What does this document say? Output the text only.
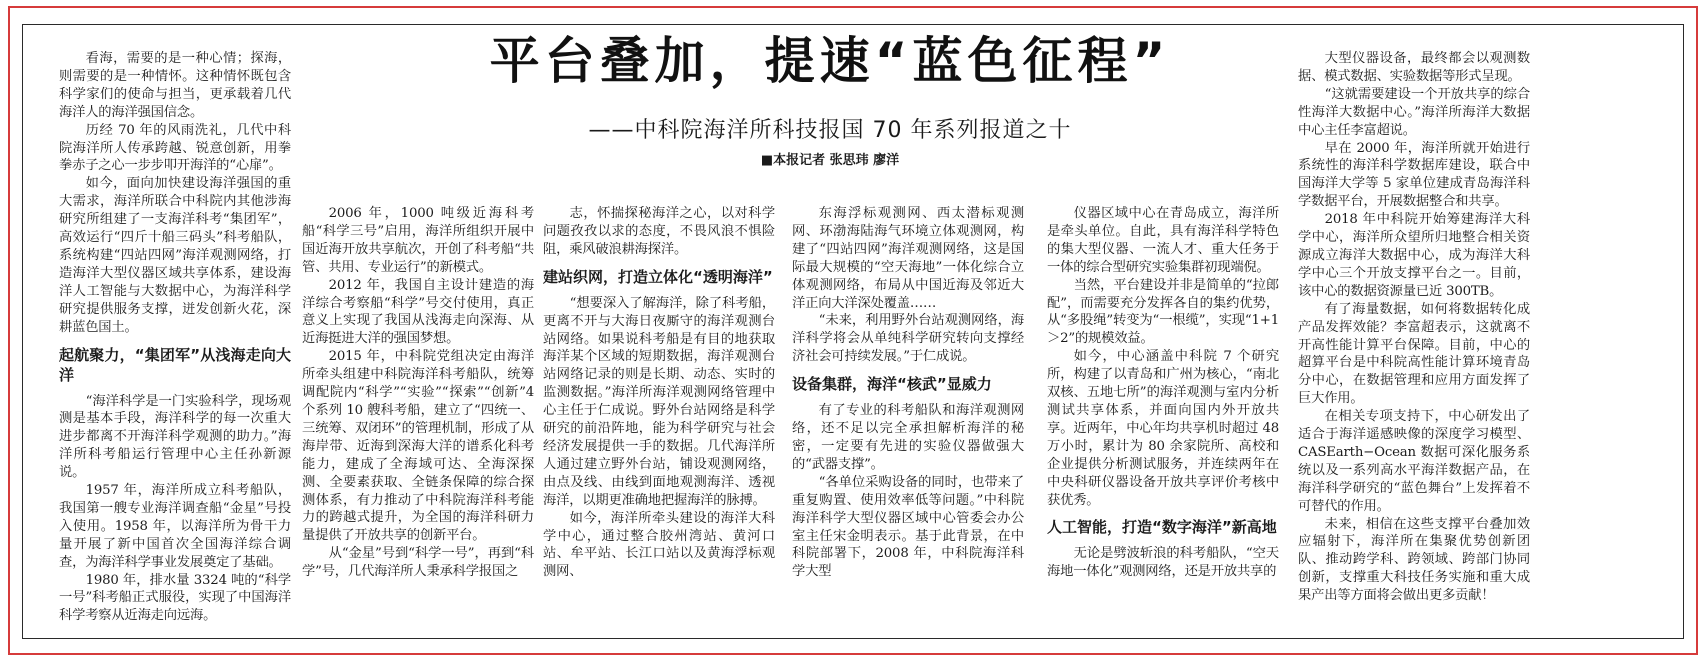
平台叠加，提速“蓝色征程”
——中科院海洋所科技报国 70 年系列报道之十
■本报记者 张思玮 廖洋

看海，需要的是一种心情；探海，则需要的是一种情怀。这种情怀既包含科学家们的使命与担当，更承载着几代海洋人的海洋强国信念。

历经 70 年的风雨洗礼，几代中科院海洋所人传承跨越、锐意创新，用拳拳赤子之心一步步叩开海洋的“心扉”。

如今，面向加快建设海洋强国的重大需求，海洋所联合中科院内其他涉海研究所组建了一支海洋科考“集团军”，高效运行“四斤十船三码头”科考船队，系统构建“四站四网”海洋观测网络，打造海洋大型仪器区域共享体系，建设海洋人工智能与大数据中心，为海洋科学研究提供服务支撑，迸发创新火花，深耕蓝色国土。

起航聚力，“集团军”从浅海走向大洋

“海洋科学是一门实验科学，现场观测是基本手段，海洋科学的每一次重大进步都离不开海洋科学观测的助力。”海洋所科考船运行管理中心主任孙新源说。

1957 年，海洋所成立科考船队，我国第一艘专业海洋调查船“金星”号投入使用。1958 年，以海洋所为骨干力量开展了新中国首次全国海洋综合调查，为海洋科学事业发展奠定了基础。

1980 年，排水量 3324 吨的“科学一号”科考船正式服役，实现了中国海洋科学考察从近海走向远海。

2006 年，1000 吨级近海科考船“科学三号”启用，海洋所组织开展中国近海开放共享航次，开创了科考船“共管、共用、专业运行”的新模式。

2012 年，我国自主设计建造的海洋综合考察船“科学”号交付使用，真正意义上实现了我国从浅海走向深海、从近海挺进大洋的强国梦想。

2015 年，中科院党组决定由海洋所牵头组建中科院海洋科考船队，统筹调配院内“科学”“实验”“探索”“创新”4 个系列 10 艘科考船，建立了“四统一、三统筹、双闭环”的管理机制，形成了从海岸带、近海到深海大洋的谱系化科考能力，建成了全海域可达、全海深探测、全要素获取、全链条保障的综合探测体系，有力推动了中科院海洋科考能力的跨越式提升，为全国的海洋科研力量提供了开放共享的创新平台。

从“金星”号到“科学一号”，再到“科学”号，几代海洋所人秉承科学报国之

志，怀揣探秘海洋之心，以对科学问题孜孜以求的态度，不畏风浪不惧险阻，乘风破浪耕海探洋。

建站织网，打造立体化“透明海洋”

“想要深入了解海洋，除了科考船，更离不开与大海日夜厮守的海洋观测台站网络。如果说科考船是有目的地获取海洋某个区域的短期数据，海洋观测台站网络记录的则是长期、动态、实时的监测数据。”海洋所海洋观测网络管理中心主任于仁成说。野外台站网络是科学研究的前沿阵地，能为科学研究与社会经济发展提供一手的数据。几代海洋所人通过建立野外台站，铺设观测网络，由点及线、由线到面地观测海洋、透视海洋，以期更准确地把握海洋的脉搏。

如今，海洋所牵头建设的海洋大科学中心，通过整合胶州湾站、黄河口站、牟平站、长江口站以及黄海浮标观测网、

东海浮标观测网、西太潜标观测网、环渤海陆海气环境立体观测网，构建了“四站四网”海洋观测网络，这是国际最大规模的“空天海地”一体化综合立体观测网络，布局从中国近海及邻近大洋正向大洋深处覆盖……

“未来，利用野外台站观测网络，海洋科学将会从单纯科学研究转向支撑经济社会可持续发展。”于仁成说。

设备集群，海洋“核武”显威力

有了专业的科考船队和海洋观测网络，还不足以完全承担解析海洋的秘密，一定要有先进的实验仪器做强大的“武器支撑”。

“各单位采购设备的同时，也带来了重复购置、使用效率低等问题。”中科院海洋科学大型仪器区域中心管委会办公室主任宋金明表示。基于此背景，在中科院部署下，2008 年，中科院海洋科学大型

仪器区域中心在青岛成立，海洋所是牵头单位。自此，具有海洋科学特色的集大型仪器、一流人才、重大任务于一体的综合型研究实验集群初现端倪。

当然，平台建设并非是简单的“拉郎配”，而需要充分发挥各自的集约优势，从“多股绳”转变为“一根缆”，实现“1+1＞2”的规模效益。

如今，中心涵盖中科院 7 个研究所，构建了以青岛和广州为核心，“南北双核、五地七所”的海洋观测与室内分析测试共享体系，并面向国内外开放共享。近两年，中心年均共享机时超过 48 万小时，累计为 80 余家院所、高校和企业提供分析测试服务，并连续两年在中央科研仪器设备开放共享评价考核中获优秀。

人工智能，打造“数字海洋”新高地

无论是劈波斩浪的科考船队，“空天海地一体化”观测网络，还是开放共享的

大型仪器设备，最终都会以观测数据、模式数据、实验数据等形式呈现。

“这就需要建设一个开放共享的综合性海洋大数据中心。”海洋所海洋大数据中心主任李富超说。

早在 2000 年，海洋所就开始进行系统性的海洋科学数据库建设，联合中国海洋大学等 5 家单位建成青岛海洋科学数据平台，开展数据整合和共享。

2018 年中科院开始筹建海洋大科学中心，海洋所众望所归地整合相关资源成立海洋大数据中心，成为海洋大科学中心三个开放支撑平台之一。目前，该中心的数据资源量已近 300TB。

有了海量数据，如何将数据转化成产品发挥效能？李富超表示，这就离不开高性能计算平台保障。目前，中心的超算平台是中科院高性能计算环境青岛分中心，在数据管理和应用方面发挥了巨大作用。

在相关专项支持下，中心研发出了适合于海洋遥感映像的深度学习模型、CASEarth−Ocean 数据可深化服务系统以及一系列高水平海洋数据产品，在海洋科学研究的“蓝色舞台”上发挥着不可替代的作用。

未来，相信在这些支撑平台叠加效应辐射下，海洋所在集聚优势创新团队、推动跨学科、跨领域、跨部门协同创新，支撑重大科技任务实施和重大成果产出等方面将会做出更多贡献！
